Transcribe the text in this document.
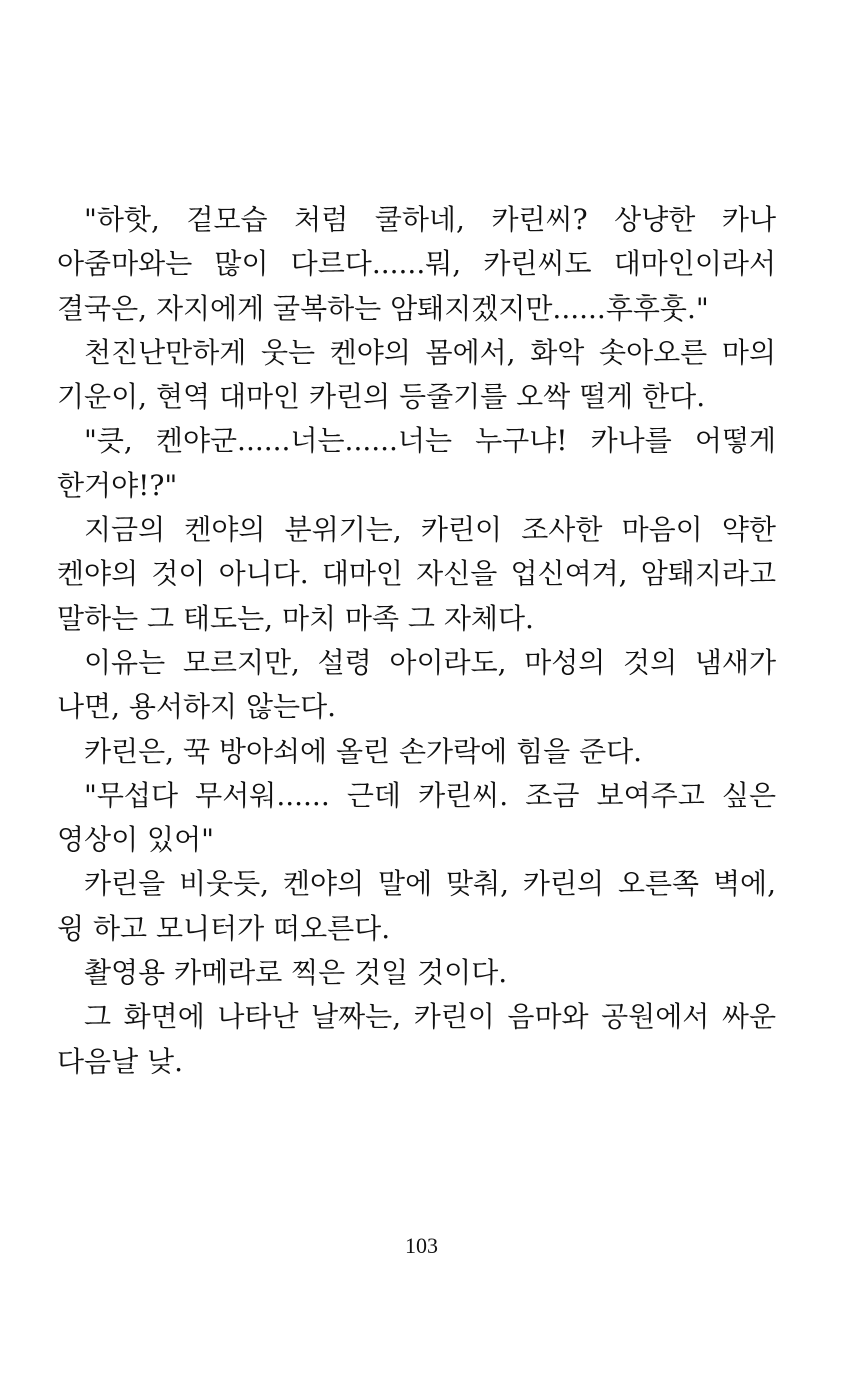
"하핫, 겉모습 처럼 쿨하네, 카린씨? 상냥한 카나 아줌마와는 많이 다르다......뭐, 카린씨도 대마인이라서 결국은, 자지에게 굴복하는 암퇘지겠지만......후후훗."

천진난만하게 웃는 켄야의 몸에서, 화악 솟아오른 마의 기운이, 현역 대마인 카린의 등줄기를 오싹 떨게 한다.

"큿, 켄야군......너는......너는 누구냐! 카나를 어떻게 한거야!?"

지금의 켄야의 분위기는, 카린이 조사한 마음이 약한 켄야의 것이 아니다. 대마인 자신을 업신여겨, 암퇘지라고 말하는 그 태도는, 마치 마족 그 자체다.

이유는 모르지만, 설령 아이라도, 마성의 것의 냄새가 나면, 용서하지 않는다.

카린은, 꾹 방아쇠에 올린 손가락에 힘을 준다.

"무섭다 무서워...... 근데 카린씨. 조금 보여주고 싶은 영상이 있어"

카린을 비웃듯, 켄야의 말에 맞춰, 카린의 오른쪽 벽에, 윙 하고 모니터가 떠오른다.

촬영용 카메라로 찍은 것일 것이다.

그 화면에 나타난 날짜는, 카린이 음마와 공원에서 싸운 다음날 낮.

103
